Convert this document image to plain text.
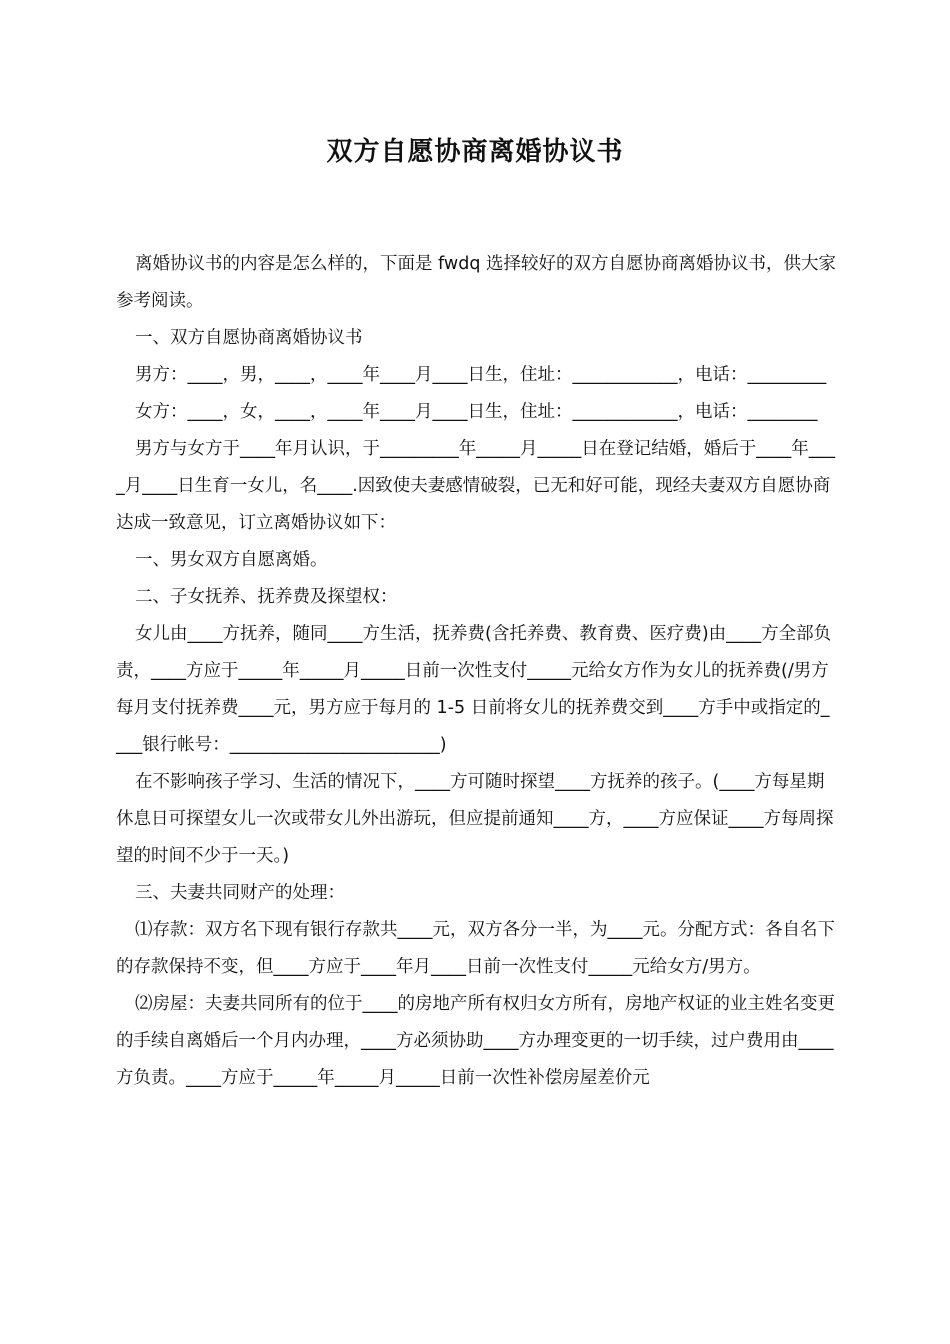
双方自愿协商离婚协议书

离婚协议书的内容是怎么样的，下面是 fwdq 选择较好的双方自愿协商离婚协议书，供大家参考阅读。

一、双方自愿协商离婚协议书

男方：____，男，____，____年____月____日生，住址：____________，电话：_________

女方：____，女，____，____年____月____日生，住址：____________，电话：________

男方与女方于____年月认识，于_________年_____月_____日在登记结婚，婚后于____年____月____日生育一女儿，名____.因致使夫妻感情破裂，已无和好可能，现经夫妻双方自愿协商达成一致意见，订立离婚协议如下：

一、男女双方自愿离婚。

二、子女抚养、抚养费及探望权：

女儿由____方抚养，随同____方生活，抚养费(含托养费、教育费、医疗费)由____方全部负责，____方应于_____年_____月_____日前一次性支付_____元给女方作为女儿的抚养费(/男方每月支付抚养费____元，男方应于每月的 1-5 日前将女儿的抚养费交到____方手中或指定的____银行帐号：________________________)

在不影响孩子学习、生活的情况下，____方可随时探望____方抚养的孩子。(____方每星期休息日可探望女儿一次或带女儿外出游玩，但应提前通知____方，____方应保证____方每周探望的时间不少于一天。)

三、夫妻共同财产的处理：

⑴存款：双方名下现有银行存款共____元，双方各分一半，为____元。分配方式：各自名下的存款保持不变，但____方应于____年月____日前一次性支付_____元给女方/男方。

⑵房屋：夫妻共同所有的位于____的房地产所有权归女方所有，房地产权证的业主姓名变更的手续自离婚后一个月内办理，____方必须协助____方办理变更的一切手续，过户费用由____方负责。____方应于_____年_____月_____日前一次性补偿房屋差价元
